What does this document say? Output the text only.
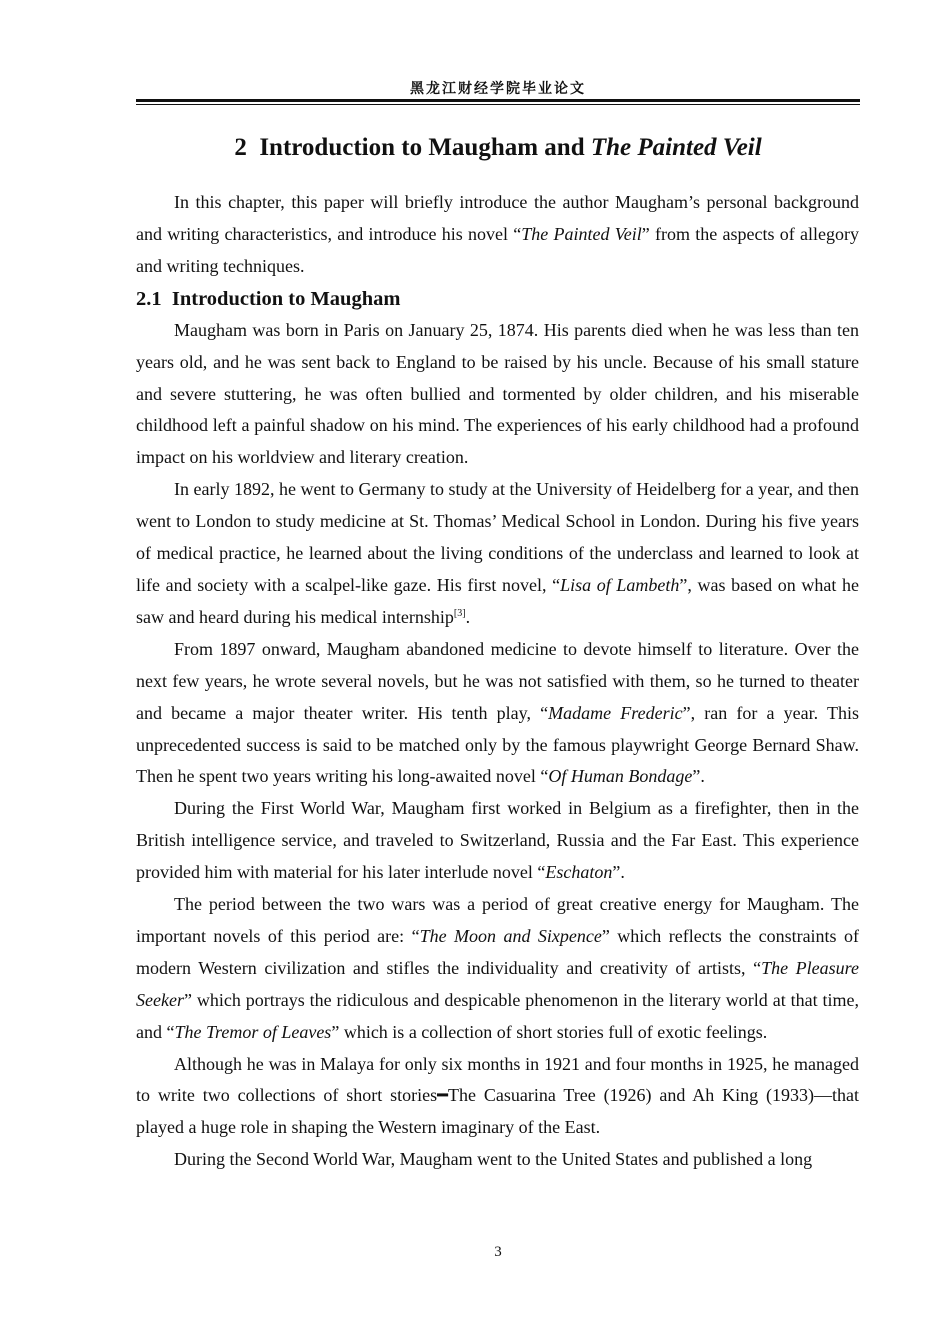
黑龙江财经学院毕业论文
2 Introduction to Maugham and The Painted Veil

In this chapter, this paper will briefly introduce the author Maugham’s personal background and writing characteristics, and introduce his novel “The Painted Veil” from the aspects of allegory and writing techniques.

2.1 Introduction to Maugham

Maugham was born in Paris on January 25, 1874. His parents died when he was less than ten years old, and he was sent back to England to be raised by his uncle. Because of his small stature and severe stuttering, he was often bullied and tormented by older children, and his miserable childhood left a painful shadow on his mind. The experiences of his early childhood had a profound impact on his worldview and literary creation.

In early 1892, he went to Germany to study at the University of Heidelberg for a year, and then went to London to study medicine at St. Thomas’ Medical School in London. During his five years of medical practice, he learned about the living conditions of the underclass and learned to look at life and society with a scalpel-like gaze. His first novel, “Lisa of Lambeth”, was based on what he saw and heard during his medical internship[3].

From 1897 onward, Maugham abandoned medicine to devote himself to literature. Over the next few years, he wrote several novels, but he was not satisfied with them, so he turned to theater and became a major theater writer. His tenth play, “Madame Frederic”, ran for a year. This unprecedented success is said to be matched only by the famous playwright George Bernard Shaw. Then he spent two years writing his long-awaited novel “Of Human Bondage”.

During the First World War, Maugham first worked in Belgium as a firefighter, then in the British intelligence service, and traveled to Switzerland, Russia and the Far East. This experience provided him with material for his later interlude novel “Eschaton”.

The period between the two wars was a period of great creative energy for Maugham. The important novels of this period are: “The Moon and Sixpence” which reflects the constraints of modern Western civilization and stifles the individuality and creativity of artists, “The Pleasure Seeker” which portrays the ridiculous and despicable phenomenon in the literary world at that time, and “The Tremor of Leaves” which is a collection of short stories full of exotic feelings.

Although he was in Malaya for only six months in 1921 and four months in 1925, he managed to write two collections of short stories━The Casuarina Tree (1926) and Ah King (1933)—that played a huge role in shaping the Western imaginary of the East.

During the Second World War, Maugham went to the United States and published a long

3
